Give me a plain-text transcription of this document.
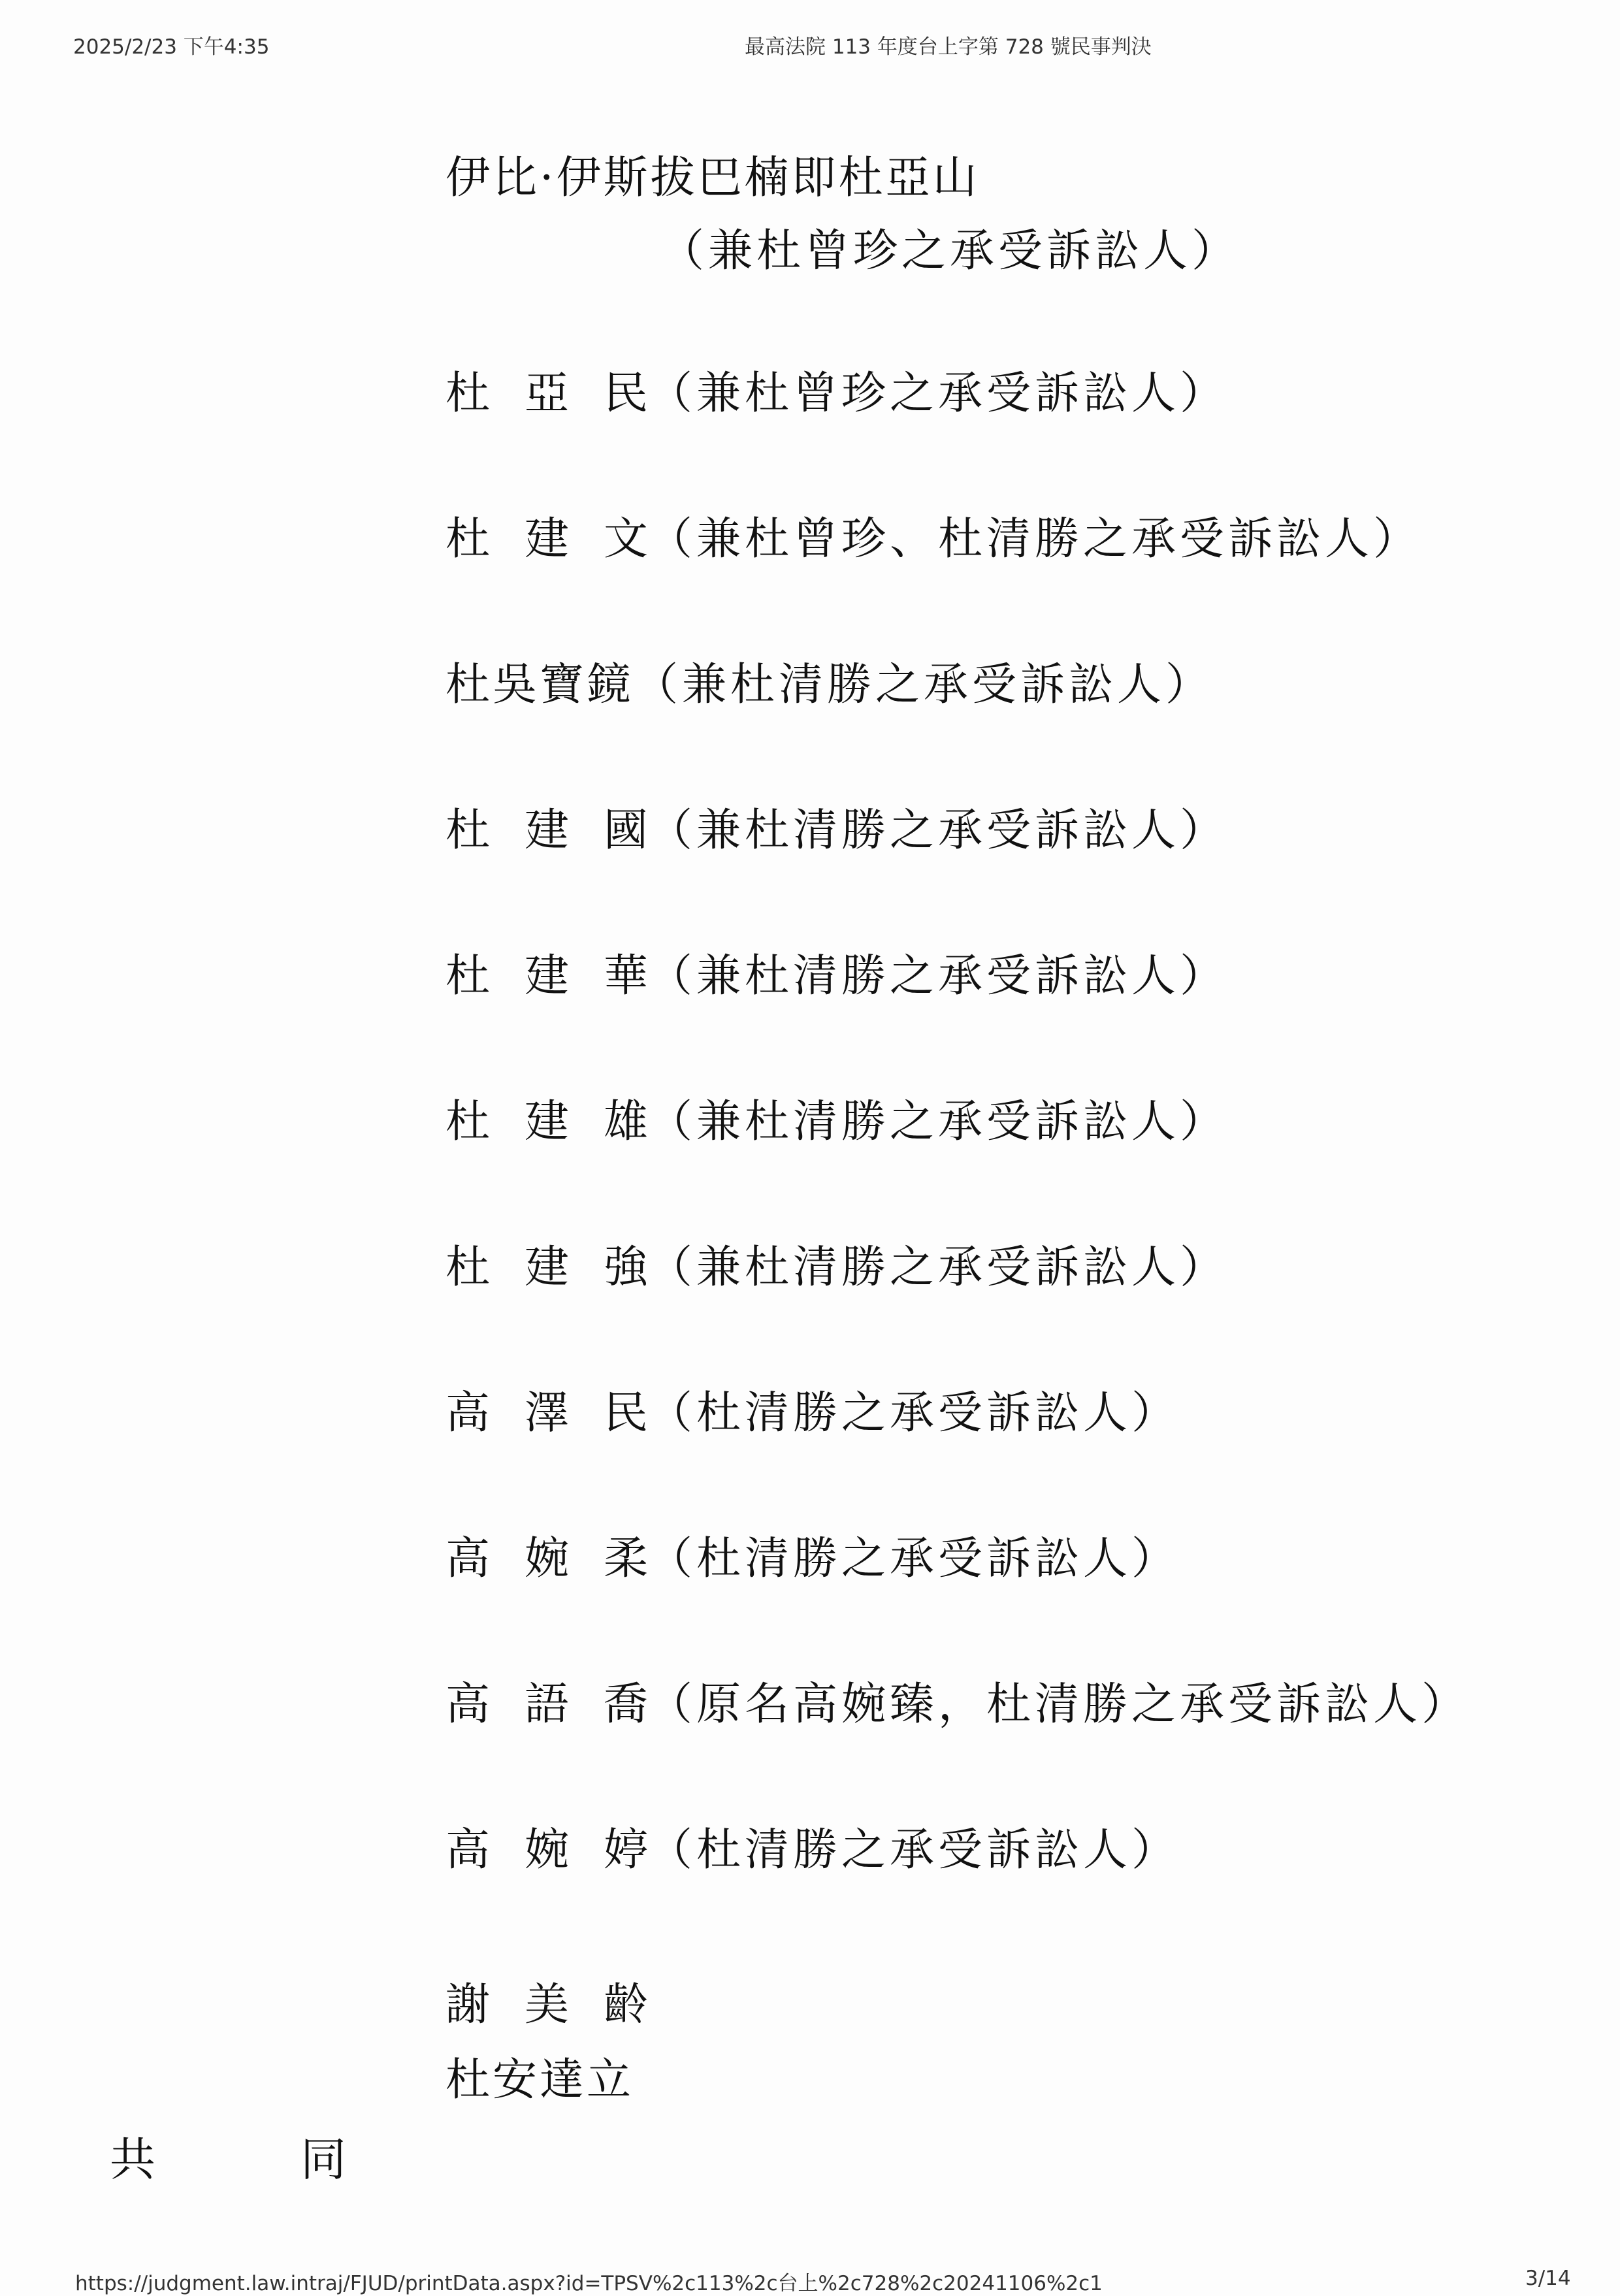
2025/2/23 下午4:35	最高法院 113 年度台上字第 728 號民事判決
伊比·伊斯拔巴楠即杜亞山
（兼杜曾珍之承受訴訟人）
杜 亞 民 （兼杜曾珍之承受訴訟人）
杜 建 文 （兼杜曾珍、杜清勝之承受訴訟人）
杜吳寶鏡 （兼杜清勝之承受訴訟人）
杜 建 國 （兼杜清勝之承受訴訟人）
杜 建 華 （兼杜清勝之承受訴訟人）
杜 建 雄 （兼杜清勝之承受訴訟人）
杜 建 強 （兼杜清勝之承受訴訟人）
高 澤 民 （杜清勝之承受訴訟人）
高 婉 柔 （杜清勝之承受訴訟人）
高 語 喬 （原名高婉臻，杜清勝之承受訴訟人）
高 婉 婷 （杜清勝之承受訴訟人）
謝 美 齡
杜安達立
共	同
https://judgment.law.intraj/FJUD/printData.aspx?id=TPSV%2c113%2c台上%2c728%2c20241106%2c1	3/14
